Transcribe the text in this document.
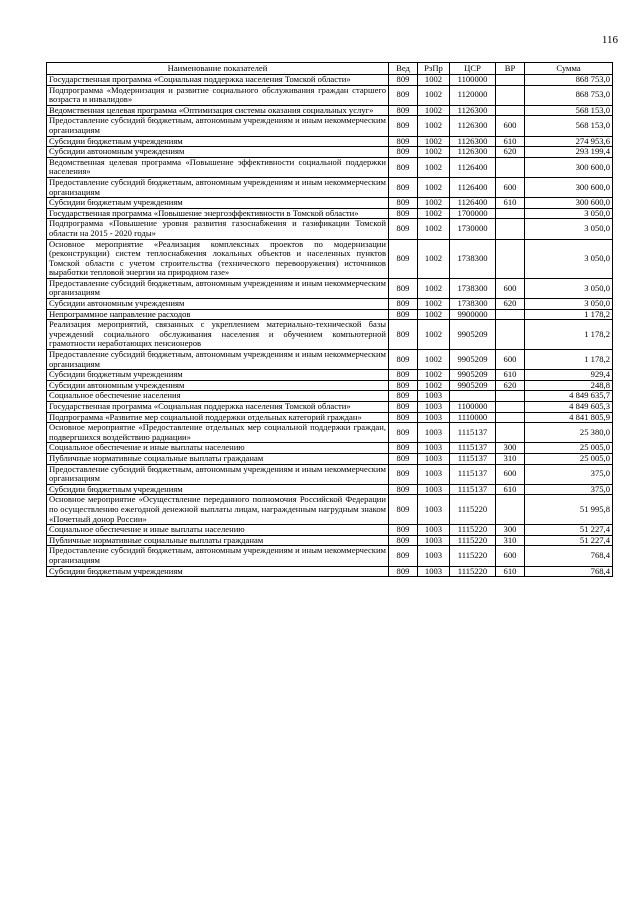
116
Наименование показателей	Вед	РзПр	ЦСР	ВР	Сумма
Государственная программа «Социальная поддержка населения Томской области»	809	1002	1100000		868 753,0
Подпрограмма «Модернизация и развитие социального обслуживания граждан старшего возраста и инвалидов»	809	1002	1120000		868 753,0
Ведомственная целевая программа «Оптимизация системы оказания социальных услуг»	809	1002	1126300		568 153,0
Предоставление субсидий бюджетным, автономным учреждениям и иным некоммерческим организациям	809	1002	1126300	600	568 153,0
Субсидии бюджетным учреждениям	809	1002	1126300	610	274 953,6
Субсидии автономным учреждениям	809	1002	1126300	620	293 199,4
Ведомственная целевая программа «Повышение эффективности социальной поддержки населения»	809	1002	1126400		300 600,0
Предоставление субсидий бюджетным, автономным учреждениям и иным некоммерческим организациям	809	1002	1126400	600	300 600,0
Субсидии бюджетным учреждениям	809	1002	1126400	610	300 600,0
Государственная программа «Повышение энергоэффективности в Томской области»	809	1002	1700000		3 050,0
Подпрограмма «Повышение уровня развития газоснабжения и газификации Томской области на 2015 - 2020 годы»	809	1002	1730000		3 050,0
Основное мероприятие «Реализация комплексных проектов по модернизации (реконструкции) систем теплоснабжения локальных объектов и населенных пунктов Томской области с учетом строительства (технического перевооружения) источников выработки тепловой энергии на природном газе»	809	1002	1738300		3 050,0
Предоставление субсидий бюджетным, автономным учреждениям и иным некоммерческим организациям	809	1002	1738300	600	3 050,0
Субсидии автономным учреждениям	809	1002	1738300	620	3 050,0
Непрограммное направление расходов	809	1002	9900000		1 178,2
Реализация мероприятий, связанных с укреплением материально-технической базы учреждений социального обслуживания населения и обучением компьютерной грамотности неработающих пенсионеров	809	1002	9905209		1 178,2
Предоставление субсидий бюджетным, автономным учреждениям и иным некоммерческим организациям	809	1002	9905209	600	1 178,2
Субсидии бюджетным учреждениям	809	1002	9905209	610	929,4
Субсидии автономным учреждениям	809	1002	9905209	620	248,8
Социальное обеспечение населения	809	1003			4 849 635,7
Государственная программа «Социальная поддержка населения Томской области»	809	1003	1100000		4 849 605,3
Подпрограмма «Развитие мер социальной поддержки отдельных категорий граждан»	809	1003	1110000		4 841 805,9
Основное мероприятие «Предоставление отдельных мер социальной поддержки граждан, подвергшихся воздействию радиации»	809	1003	1115137		25 380,0
Социальное обеспечение и иные выплаты населению	809	1003	1115137	300	25 005,0
Публичные нормативные социальные выплаты гражданам	809	1003	1115137	310	25 005,0
Предоставление субсидий бюджетным, автономным учреждениям и иным некоммерческим организациям	809	1003	1115137	600	375,0
Субсидии бюджетным учреждениям	809	1003	1115137	610	375,0
Основное мероприятие «Осуществление переданного полномочия Российской Федерации по осуществлению ежегодной денежной выплаты лицам, награжденным нагрудным знаком «Почетный донор России»	809	1003	1115220		51 995,8
Социальное обеспечение и иные выплаты населению	809	1003	1115220	300	51 227,4
Публичные нормативные социальные выплаты гражданам	809	1003	1115220	310	51 227,4
Предоставление субсидий бюджетным, автономным учреждениям и иным некоммерческим организациям	809	1003	1115220	600	768,4
Субсидии бюджетным учреждениям	809	1003	1115220	610	768,4
